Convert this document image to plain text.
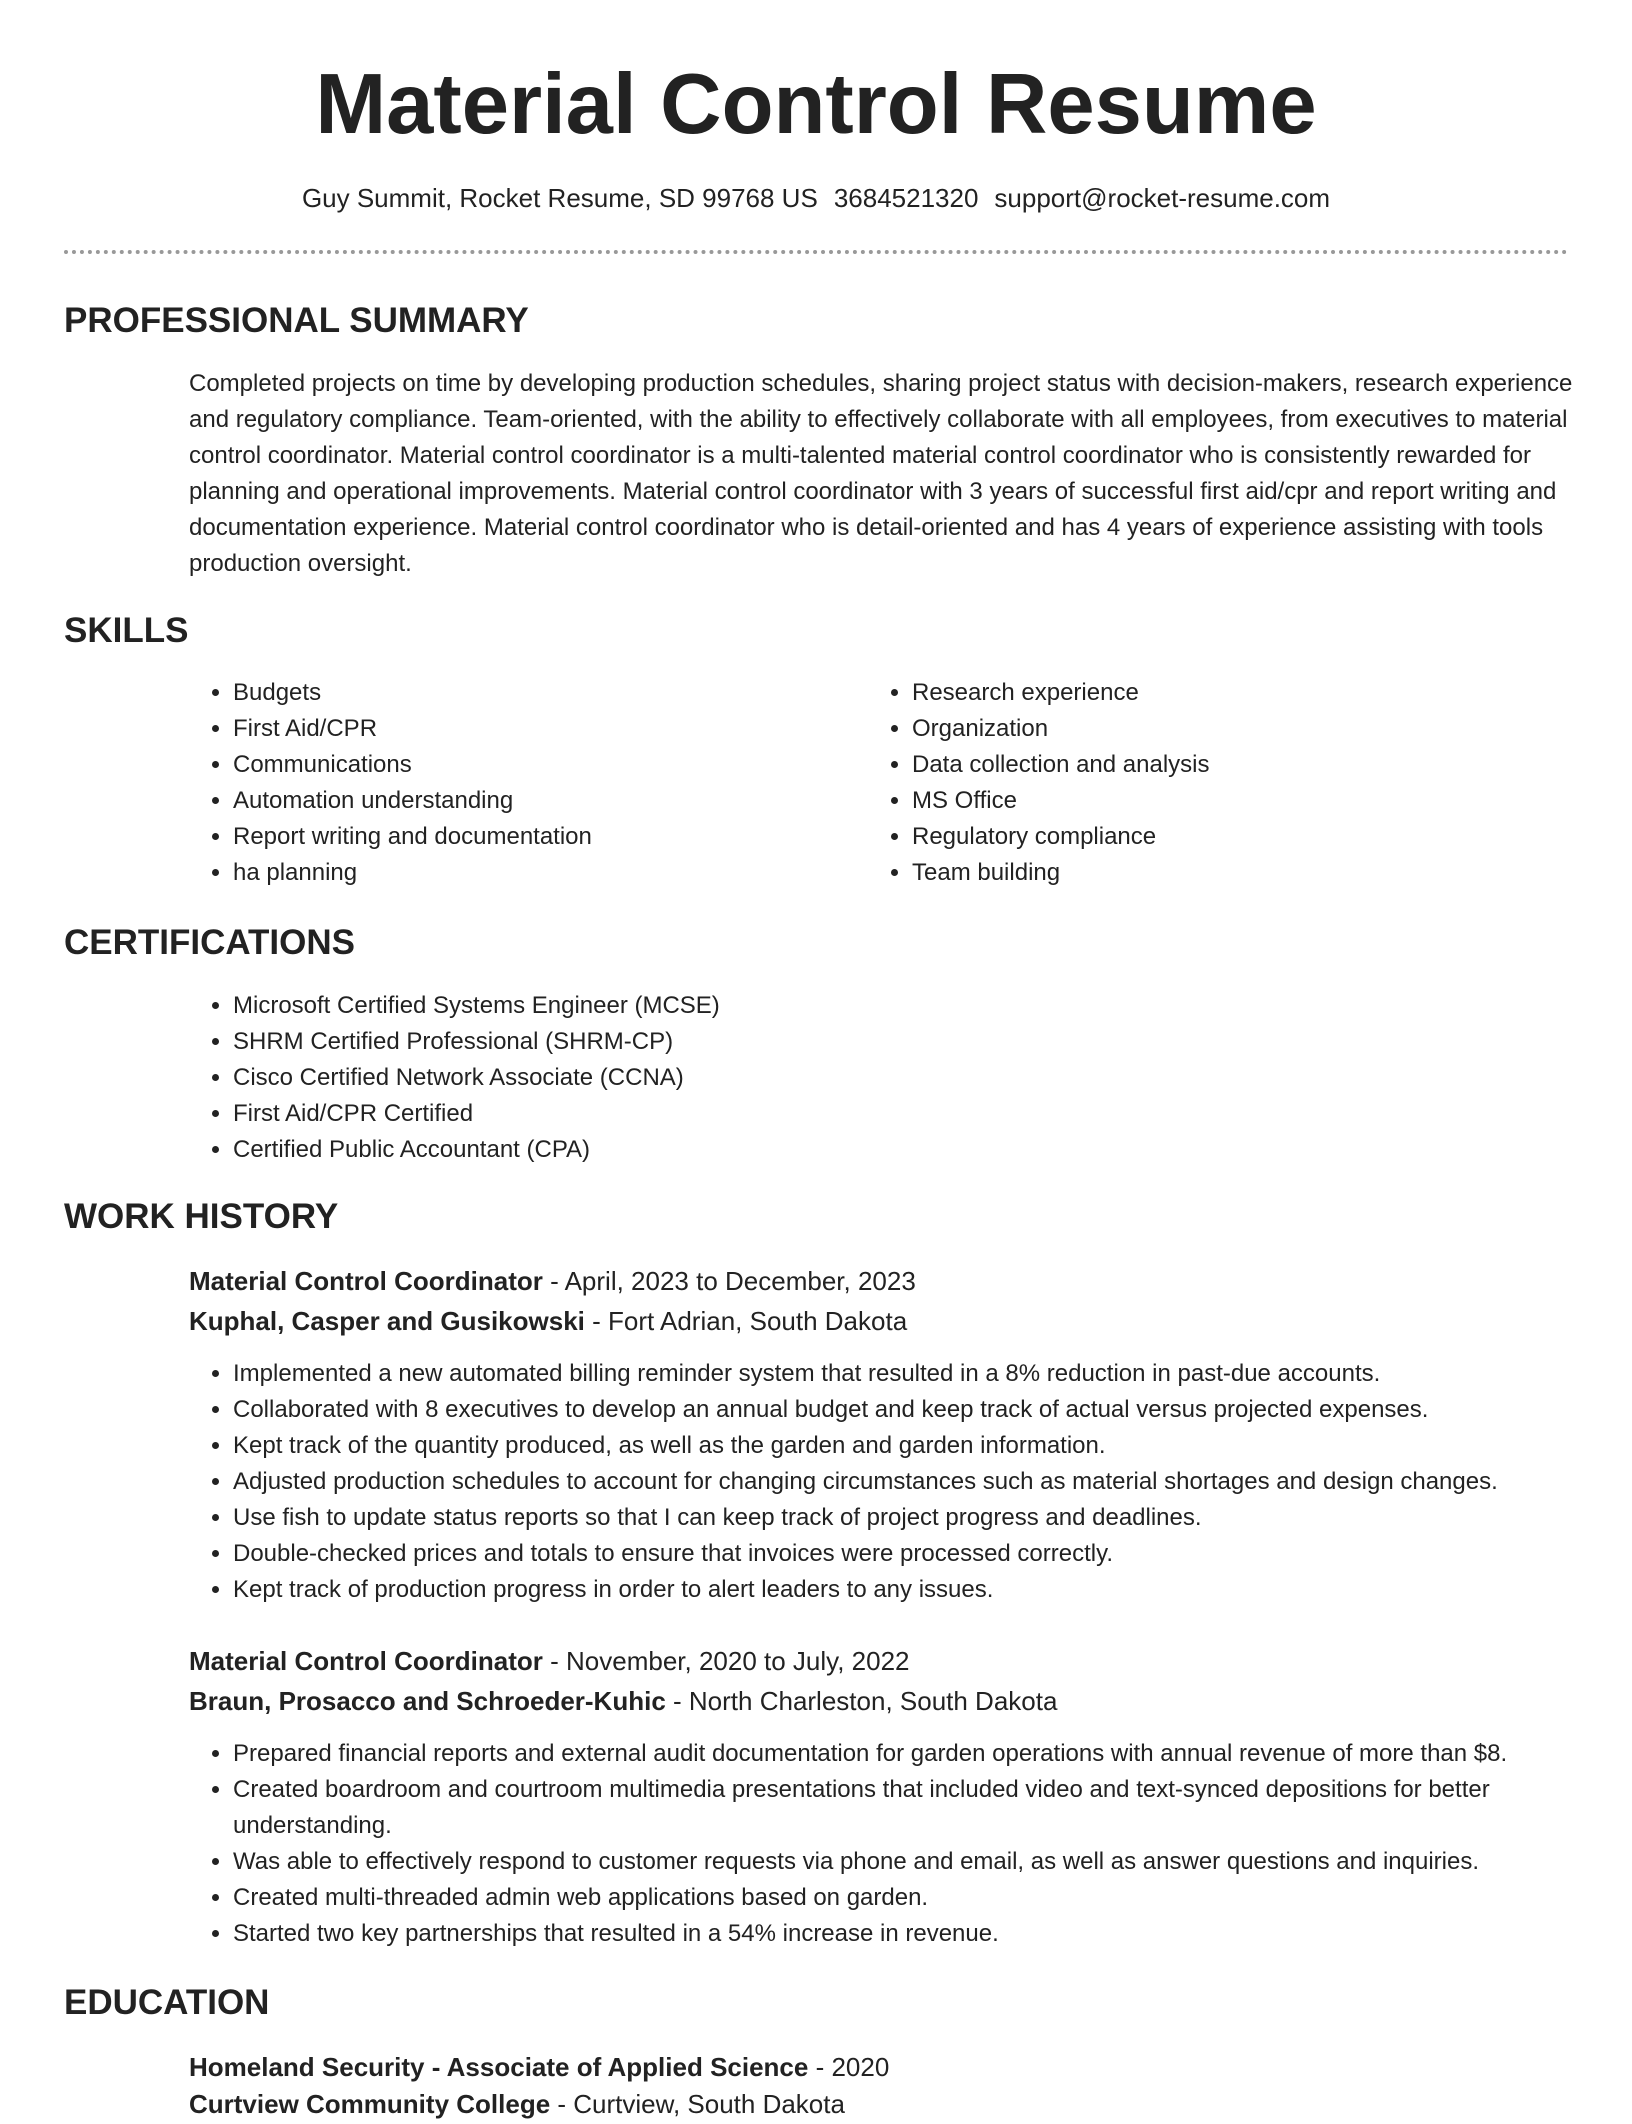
Material Control Resume
Guy Summit, Rocket Resume, SD 99768 US 3684521320 support@rocket-resume.com
PROFESSIONAL SUMMARY

Completed projects on time by developing production schedules, sharing project status with decision-makers, research experience and regulatory compliance. Team-oriented, with the ability to effectively collaborate with all employees, from executives to material control coordinator. Material control coordinator is a multi-talented material control coordinator who is consistently rewarded for planning and operational improvements. Material control coordinator with 3 years of successful first aid/cpr and report writing and documentation experience. Material control coordinator who is detail-oriented and has 4 years of experience assisting with tools production oversight.

SKILLS
• Budgets
• First Aid/CPR
• Communications
• Automation understanding
• Report writing and documentation
• ha planning
• Research experience
• Organization
• Data collection and analysis
• MS Office
• Regulatory compliance
• Team building
CERTIFICATIONS
• Microsoft Certified Systems Engineer (MCSE)
• SHRM Certified Professional (SHRM-CP)
• Cisco Certified Network Associate (CCNA)
• First Aid/CPR Certified
• Certified Public Accountant (CPA)
WORK HISTORY
Material Control Coordinator - April, 2023 to December, 2023
Kuphal, Casper and Gusikowski - Fort Adrian, South Dakota
• Implemented a new automated billing reminder system that resulted in a 8% reduction in past-due accounts.
• Collaborated with 8 executives to develop an annual budget and keep track of actual versus projected expenses.
• Kept track of the quantity produced, as well as the garden and garden information.
• Adjusted production schedules to account for changing circumstances such as material shortages and design changes.
• Use fish to update status reports so that I can keep track of project progress and deadlines.
• Double-checked prices and totals to ensure that invoices were processed correctly.
• Kept track of production progress in order to alert leaders to any issues.
Material Control Coordinator - November, 2020 to July, 2022
Braun, Prosacco and Schroeder-Kuhic - North Charleston, South Dakota
• Prepared financial reports and external audit documentation for garden operations with annual revenue of more than $8.
• Created boardroom and courtroom multimedia presentations that included video and text-synced depositions for better understanding.
• Was able to effectively respond to customer requests via phone and email, as well as answer questions and inquiries.
• Created multi-threaded admin web applications based on garden.
• Started two key partnerships that resulted in a 54% increase in revenue.
EDUCATION
Homeland Security - Associate of Applied Science - 2020
Curtview Community College - Curtview, South Dakota
